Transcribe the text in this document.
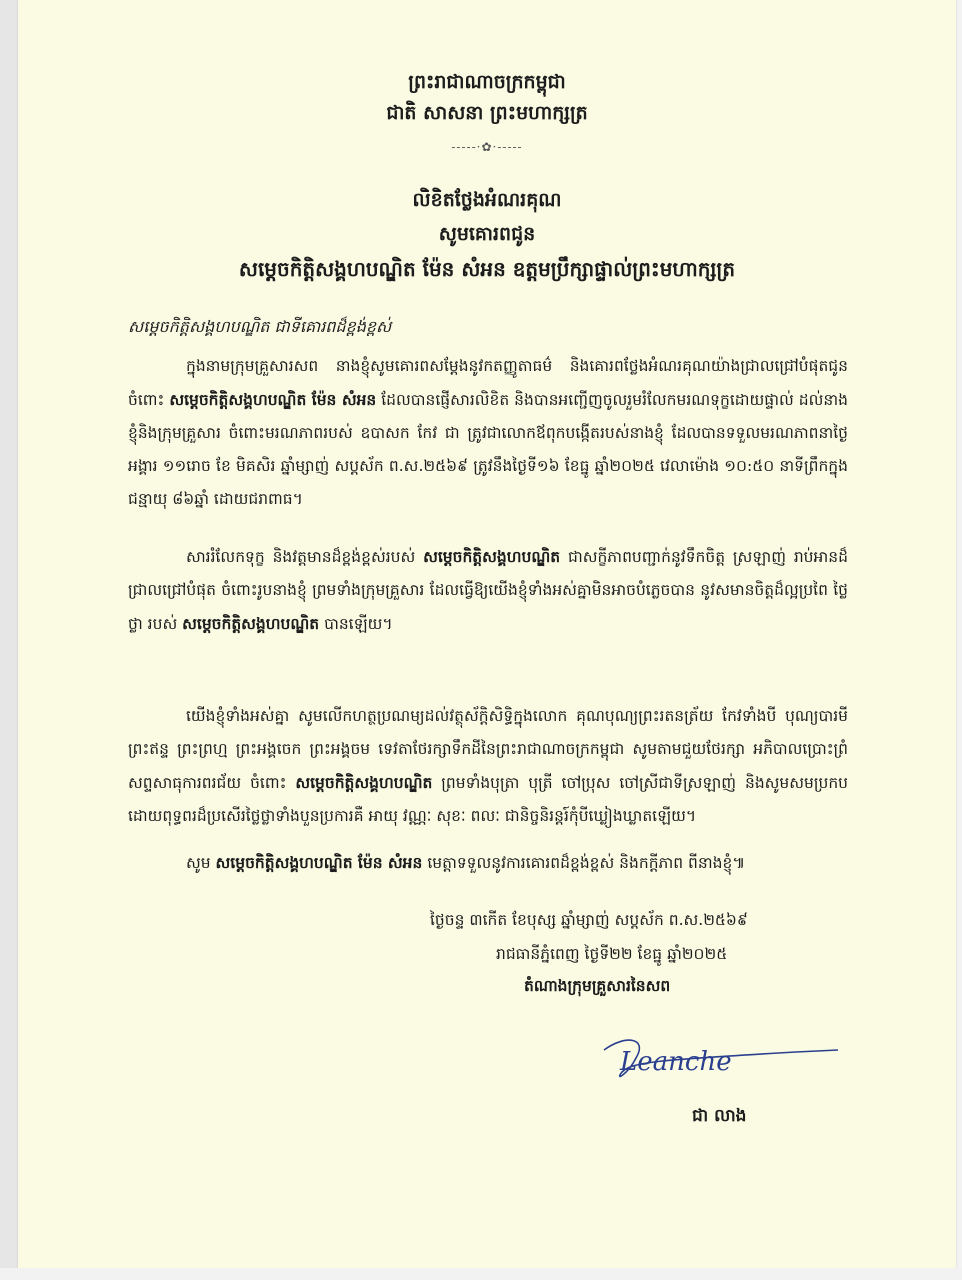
ព្រះរាជាណាចក្រកម្ពុជា
ជាតិ សាសនា ព្រះមហាក្សត្រ
-----·✿·-----
លិខិតថ្លែងអំណរគុណ
សូមគោរពជូន
សម្តេចកិត្តិសង្គហបណ្ឌិត ម៉ែន សំអន ឧត្តមប្រឹក្សាផ្ទាល់ព្រះមហាក្សត្រ
សម្តេចកិត្តិសង្គហបណ្ឌិត ជាទីគោរពដ៏ខ្ពង់ខ្ពស់

ក្នុងនាមក្រុមគ្រួសារសព នាងខ្ញុំសូមគោរពសម្តែងនូវកតញ្ញូតាធម៌ និងគោរពថ្លែងអំណរគុណយ៉ាងជ្រាលជ្រៅបំផុតជូនចំពោះ សម្តេចកិត្តិសង្គហបណ្ឌិត ម៉ែន សំអន ដែលបានផ្ញើសារលិខិត និងបានអញ្ជើញចូលរួមរំលែកមរណទុក្ខដោយផ្ទាល់ ដល់នាងខ្ញុំនិងក្រុមគ្រួសារ ចំពោះមរណភាពរបស់ ឧបាសក កែវ ជា ត្រូវជាលោកឪពុកបង្កើតរបស់នាងខ្ញុំ ដែលបានទទួលមរណភាពនាថ្ងៃអង្គារ ១១រោច ខែ មិគសិរ ឆ្នាំម្សាញ់ សប្តស័ក ព.ស.២៥៦៩ ត្រូវនឹងថ្ងៃទី១៦ ខែធ្នូ ឆ្នាំ២០២៥ វេលាម៉ោង ១០:៥០ នាទីព្រឹកក្នុង ជន្មាយុ ៨៦ឆ្នាំ ដោយជរាពាធ។

សាររំលែកទុក្ខ និងវត្តមានដ៏ខ្ពង់ខ្ពស់របស់ សម្តេចកិត្តិសង្គហបណ្ឌិត ជាសក្ខីភាពបញ្ជាក់នូវទឹកចិត្ត ស្រឡាញ់ រាប់អានដ៏ជ្រាលជ្រៅបំផុត ចំពោះរូបនាងខ្ញុំ ព្រមទាំងក្រុមគ្រួសារ ដែលធ្វើឱ្យយើងខ្ញុំទាំងអស់គ្នាមិនអាចបំភ្លេចបាន នូវសមានចិត្តដ៏ល្អប្រពៃ ថ្លៃថ្លា របស់ សម្តេចកិត្តិសង្គហបណ្ឌិត បានឡើយ។

យើងខ្ញុំទាំងអស់គ្នា សូមលើកហត្ថប្រណម្យដល់វត្ថុស័ក្តិសិទ្ធិក្នុងលោក គុណបុណ្យព្រះរតនត្រ័យ កែវទាំងបី បុណ្យបារមីព្រះឥន្ទ ព្រះព្រហ្ម ព្រះអង្គចេក ព្រះអង្គចម ទេវតាថែរក្សាទឹកដីនៃព្រះរាជាណាចក្រកម្ពុជា សូមតាមជួយថែរក្សា អភិបាលប្រោះព្រំសព្ទសាធុការពរជ័យ ចំពោះ សម្តេចកិត្តិសង្គហបណ្ឌិត ព្រមទាំងបុត្រា បុត្រី ចៅប្រុស ចៅស្រីជាទីស្រឡាញ់ និងសូមសមប្រកបដោយពុទ្ធពរដ៏ប្រសើរថ្លៃថ្លាទាំងបួនប្រការគឺ អាយុ វណ្ណៈ សុខៈ ពលៈ ជានិច្ចនិរន្តរ៍កុំបីឃ្លៀងឃ្លាតឡើយ។

សូម សម្តេចកិត្តិសង្គហបណ្ឌិត ម៉ែន សំអន មេត្តាទទួលនូវការគោរពដ៏ខ្ពង់ខ្ពស់ និងកក្តីភាព ពីនាងខ្ញុំ៕

ថ្ងៃចន្ទ ៣កើត ខែបុស្ស ឆ្នាំម្សាញ់ សប្តស័ក ព.ស.២៥៦៩
រាជធានីភ្នំពេញ ថ្ងៃទី២២ ខែធ្នូ ឆ្នាំ២០២៥
តំណាងក្រុមគ្រួសារនៃសព
Leanche
ជា លាង
